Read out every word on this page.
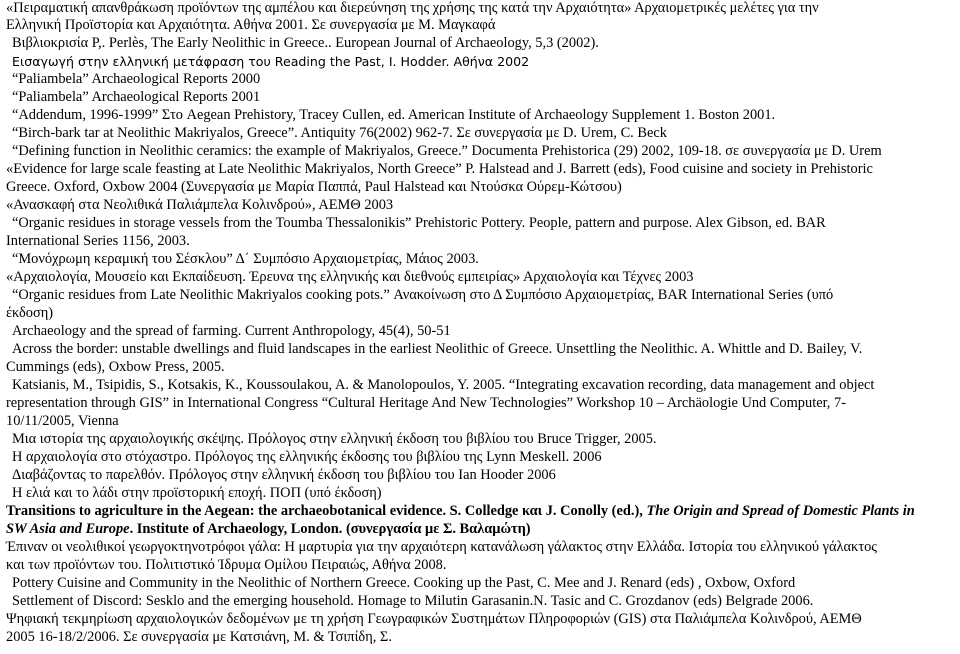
«Πειραματική απανθράκωση προϊόντων της αμπέλου και διερεύνηση της χρήσης της κατά την Αρχαιότητα» Αρχαιομετρικές μελέτες για την
Ελληνική Προϊστορία και Αρχαιότητα. Αθήνα 2001. Σε συνεργασία με Μ. Μαγκαφά
Βιβλιοκρισία P,. Perlès, The Early Neolithic in Greece.. European Journal of Archaeology, 5,3 (2002).
Εισαγωγή στην ελληνική μετάφραση του Reading the Past, I. Hodder. Αθήνα 2002
“Paliambela” Archaeological Reports 2000
“Paliambela” Archaeological Reports 2001
“Addendum, 1996-1999” Στο Aegean Prehistory, Tracey Cullen, ed. American Institute of Archaeology Supplement 1. Boston 2001.
“Birch-bark tar at Neolithic Makriyalos, Greece”. Antiquity 76(2002) 962-7. Σε συνεργασία με D. Urem, C. Beck
“Defining function in Neolithic ceramics: the example of Makriyalos, Greece.” Documenta Prehistorica (29) 2002, 109-18. σε συνεργασία με D. Urem
«Evidence for large scale feasting at Late Neolithic Makriyalos, North Greece” P. Halstead and J. Barrett (eds), Food cuisine and society in Prehistoric
Greece. Oxford, Oxbow 2004 (Συνεργασία με Μαρία Παππά, Paul Halstead και Ντούσκα Ούρεμ-Κώτσου)
«Ανασκαφή στα Νεολιθικά Παλιάμπελα Κολινδρού», ΑΕΜΘ 2003
“Organic residues in storage vessels from the Toumba Thessalonikis” Prehistoric Pottery. People, pattern and purpose. Alex Gibson, ed. BAR
International Series 1156, 2003.
“Μονόχρωμη κεραμική του Σέσκλου” Δ΄ Συμπόσιο Αρχαιομετρίας, Μάιος 2003.
«Αρχαιολογία, Μουσείο και Εκπαίδευση. Έρευνα της ελληνικής και διεθνούς εμπειρίας» Αρχαιολογία και Τέχνες 2003
“Organic residues from Late Neolithic Makriyalos cooking pots.” Ανακοίνωση στο Δ Συμπόσιο Αρχαιομετρίας, BAR International Series (υπό
έκδοση)
Archaeology and the spread of farming. Current Anthropology, 45(4), 50-51
Across the border: unstable dwellings and fluid landscapes in the earliest Neolithic of Greece. Unsettling the Neolithic. A. Whittle and D. Bailey, V.
Cummings (eds), Oxbow Press, 2005.
Katsianis, M., Tsipidis, S., Kotsakis, K., Koussoulakou, A. & Manolopoulos, Y. 2005. “Integrating excavation recording, data management and object
representation through GIS” in International Congress “Cultural Heritage And New Technologies” Workshop 10 – Archäologie Und Computer, 7-
10/11/2005, Vienna
Μια ιστορία της αρχαιολογικής σκέψης. Πρόλογος στην ελληνική έκδοση του βιβλίου του Bruce Trigger, 2005.
Η αρχαιολογία στο στόχαστρο. Πρόλογος της ελληνικής έκδοσης του βιβλίου της Lynn Meskell. 2006
Διαβάζοντας το παρελθόν. Πρόλογος στην ελληνική έκδοση του βιβλίου του Ian Hooder 2006
Η ελιά και το λάδι στην προϊστορική εποχή. ΠΟΠ (υπό έκδοση)
Transitions to agriculture in the Aegean: the archaeobotanical evidence. S. Colledge και J. Conolly (ed.), The Origin and Spread of Domestic Plants in
SW Asia and Europe. Institute of Archaeology, London. (συνεργασία με Σ. Βαλαμώτη)
Έπιναν οι νεολιθικοί γεωργοκτηνοτρόφοι γάλα: Η μαρτυρία για την αρχαιότερη κατανάλωση γάλακτος στην Ελλάδα. Ιστορία του ελληνικού γάλακτος
και των προϊόντων του. Πολιτιστικό Ίδρυμα Ομίλου Πειραιώς, Αθήνα 2008.
Pottery Cuisine and Community in the Neolithic of Northern Greece. Cooking up the Past, C. Mee and J. Renard (eds) , Oxbow, Oxford
Settlement of Discord: Sesklo and the emerging household. Homage to Milutin Garasanin.N. Tasic and C. Grozdanov (eds) Belgrade 2006.
Ψηφιακή τεκμηρίωση αρχαιολογικών δεδομένων με τη χρήση Γεωγραφικών Συστημάτων Πληροφοριών (GIS) στα Παλιάμπελα Κολινδρού, ΑΕΜΘ
2005 16-18/2/2006. Σε συνεργασία με Κατσιάνη, Μ. & Τσιπίδη, Σ.
